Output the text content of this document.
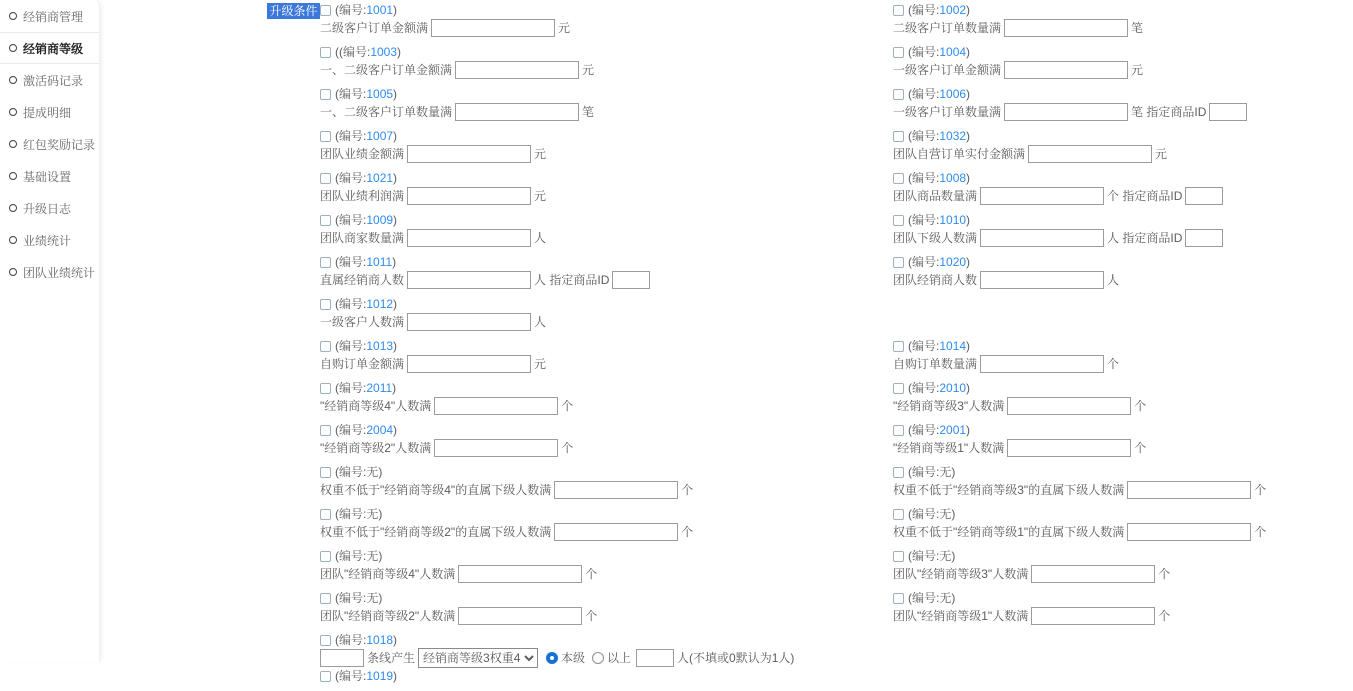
经销商管理
经销商等级
激活码记录
提成明细
红包奖励记录
基础设置
升级日志
业绩统计
团队业绩统计
升级条件 (编号: 1001 )
二级客户订单金额满	元
(编号: 1002 )
二级客户订单数量满	笔
((编号: 1003 )
一、二级客户订单金额满	元
(编号: 1004 )
一级客户订单金额满	元
(编号: 1005 )
一、二级客户订单数量满	笔
(编号: 1006 )
一级客户订单数量满	笔 指定商品ID
(编号: 1007 )
团队业绩金额满	元
(编号: 1032 )
团队自营订单实付金额满	元
(编号: 1021 )
团队业绩利润满	元
(编号: 1008 )
团队商品数量满	个 指定商品ID
(编号: 1009 )
团队商家数量满	人
(编号: 1010 )
团队下级人数满	人 指定商品ID
(编号: 1011 )
直属经销商人数	人 指定商品ID
(编号: 1020 )
团队经销商人数	人
(编号: 1012 )
一级客户人数满	人
(编号: 1013 )
自购订单金额满	元
(编号: 1014 )
自购订单数量满	个
(编号: 2011 )
"经销商等级4"人数满	个
(编号: 2010 )
"经销商等级3"人数满	个
(编号: 2004 )
"经销商等级2"人数满	个
(编号: 2001 )
"经销商等级1"人数满	个
(编号: 无 )
权重不低于"经销商等级4"的直属下级人数满	个
(编号: 无 )
权重不低于"经销商等级3"的直属下级人数满	个
(编号: 无 )
权重不低于"经销商等级2"的直属下级人数满	个
(编号: 无 )
权重不低于"经销商等级1"的直属下级人数满	个
(编号: 无 )
团队"经销商等级4"人数满	个
(编号: 无 )
团队"经销商等级3"人数满	个
(编号: 无 )
团队"经销商等级2"人数满	个
(编号: 无 )
团队"经销商等级1"人数满	个
(编号: 1018 )
条线产生
经销商等级3权重4	本级 以上	人(不填或0默认为1人)
(编号: 1019 )
